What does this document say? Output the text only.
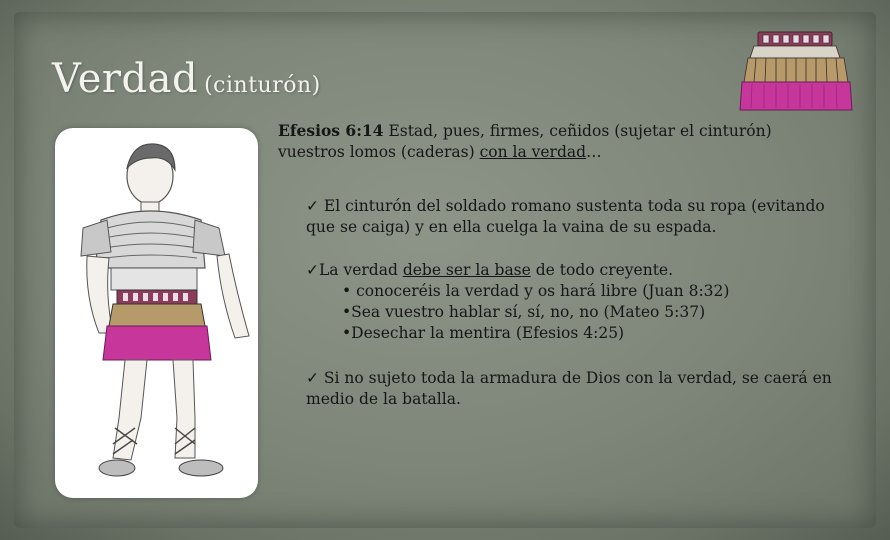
Verdad (cinturón)

Efesios 6:14 Estad, pues, firmes, ceñidos (sujetar el cinturón) vuestros lomos (caderas) con la verdad…

✓ El cinturón del soldado romano sustenta toda su ropa (evitando que se caiga) y en ella cuelga la vaina de su espada.

✓La verdad debe ser la base de todo creyente.

• conoceréis la verdad y os hará libre (Juan 8:32)

•Sea vuestro hablar sí, sí, no, no (Mateo 5:37)

•Desechar la mentira (Efesios 4:25)

✓ Si no sujeto toda la armadura de Dios con la verdad, se caerá en medio de la batalla.
